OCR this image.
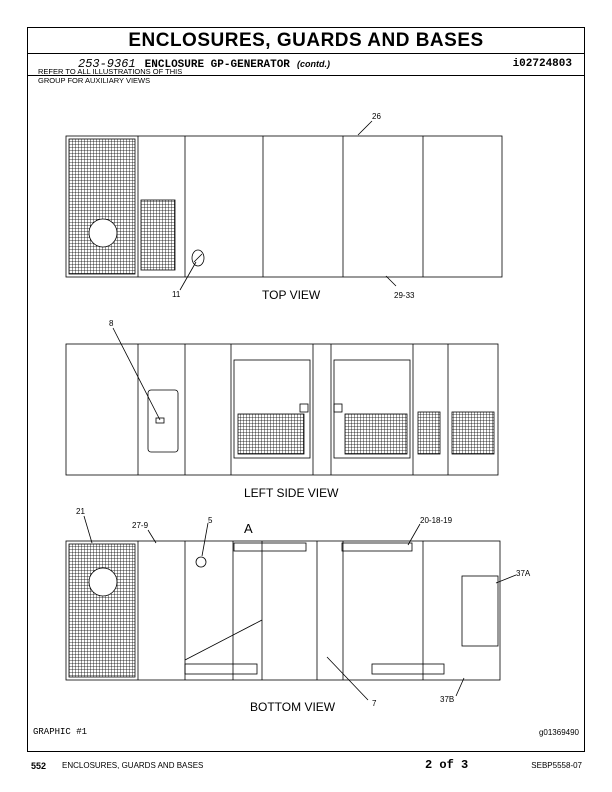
ENCLOSURES, GUARDS AND BASES
253-9361 ENCLOSURE GP-GENERATOR (contd.)	i02724803
REFER TO ALL ILLUSTRATIONS OF THIS GROUP FOR AUXILIARY VIEWS
26
11	29-33
8
21
27-9
5
A
20-18-19
37A
7	37B
TOP VIEW
LEFT SIDE VIEW
BOTTOM VIEW
GRAPHIC #1	g01369490
552 ENCLOSURES, GUARDS AND BASES	2 of 3	SEBP5558-07
